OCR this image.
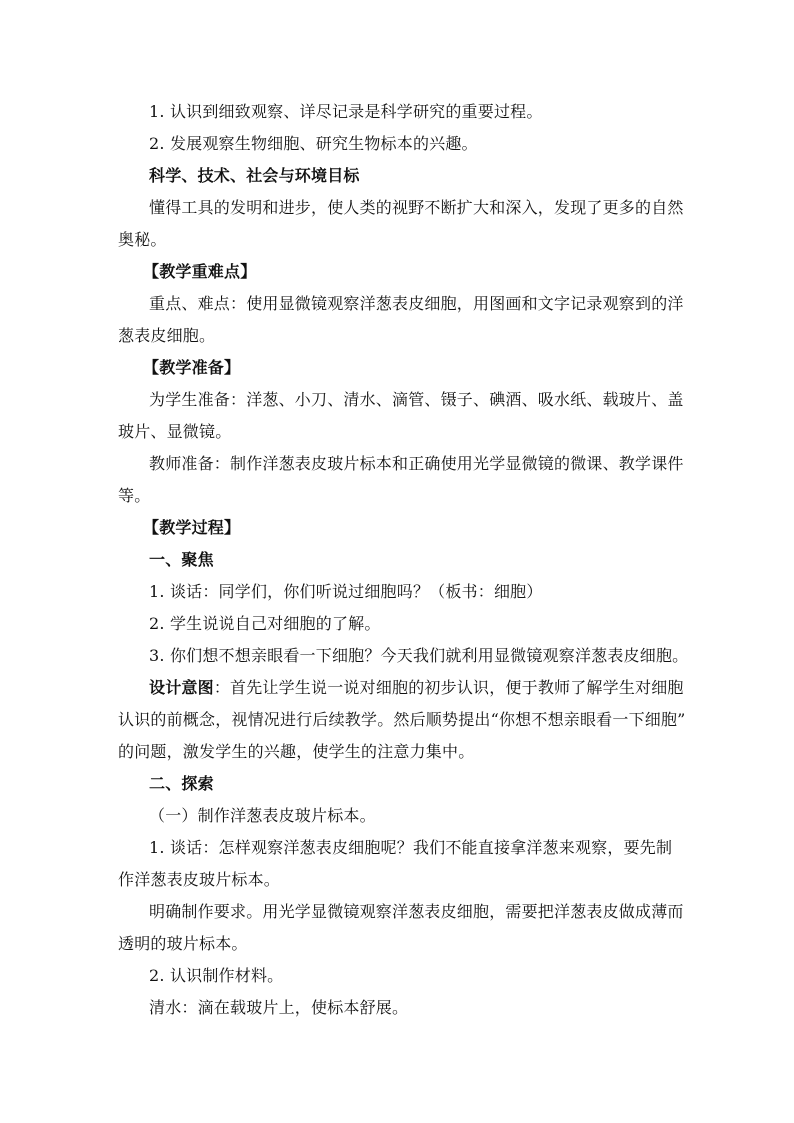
1. 认识到细致观察、详尽记录是科学研究的重要过程。
2. 发展观察生物细胞、研究生物标本的兴趣。
科学、技术、社会与环境目标
懂得工具的发明和进步，使人类的视野不断扩大和深入，发现了更多的自然
奥秘。
【教学重难点】
重点、难点：使用显微镜观察洋葱表皮细胞，用图画和文字记录观察到的洋
葱表皮细胞。
【教学准备】
为学生准备：洋葱、小刀、清水、滴管、镊子、碘酒、吸水纸、载玻片、盖
玻片、显微镜。
教师准备：制作洋葱表皮玻片标本和正确使用光学显微镜的微课、教学课件
等。
【教学过程】
一、聚焦
1. 谈话：同学们，你们听说过细胞吗？（板书：细胞）
2. 学生说说自己对细胞的了解。
3. 你们想不想亲眼看一下细胞？今天我们就利用显微镜观察洋葱表皮细胞。
设计意图：首先让学生说一说对细胞的初步认识，便于教师了解学生对细胞
认识的前概念，视情况进行后续教学。然后顺势提出“你想不想亲眼看一下细胞”
的问题，激发学生的兴趣，使学生的注意力集中。
二、探索
（一）制作洋葱表皮玻片标本。
1. 谈话：怎样观察洋葱表皮细胞呢？我们不能直接拿洋葱来观察，要先制
作洋葱表皮玻片标本。
明确制作要求。用光学显微镜观察洋葱表皮细胞，需要把洋葱表皮做成薄而
透明的玻片标本。
2. 认识制作材料。
清水：滴在载玻片上，使标本舒展。
